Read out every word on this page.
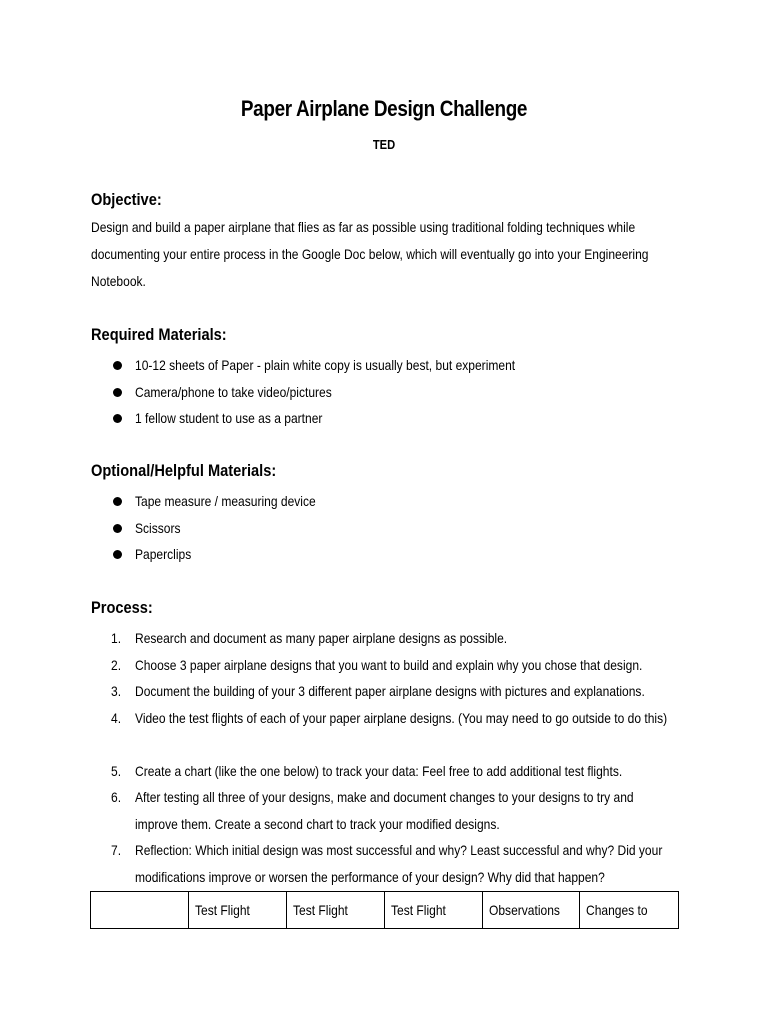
Paper Airplane Design Challenge
TED
Objective:
Design and build a paper airplane that flies as far as possible using traditional folding techniques while
documenting your entire process in the Google Doc below, which will eventually go into your Engineering
Notebook.
Required Materials:
10-12 sheets of Paper - plain white copy is usually best, but experiment
Camera/phone to take video/pictures
1 fellow student to use as a partner
Optional/Helpful Materials:
Tape measure / measuring device
Scissors
Paperclips
Process:
1. Research and document as many paper airplane designs as possible.
2. Choose 3 paper airplane designs that you want to build and explain why you chose that design.
3. Document the building of your 3 different paper airplane designs with pictures and explanations.
4. Video the test flights of each of your paper airplane designs. (You may need to go outside to do this)
5. Create a chart (like the one below) to track your data: Feel free to add additional test flights.
6. After testing all three of your designs, make and document changes to your designs to try and improve them. Create a second chart to track your modified designs.
7. Reflection: Which initial design was most successful and why? Least successful and why? Did your modifications improve or worsen the performance of your design? Why did that happen?
	Test Flight	Test Flight	Test Flight	Observations	Changes to
